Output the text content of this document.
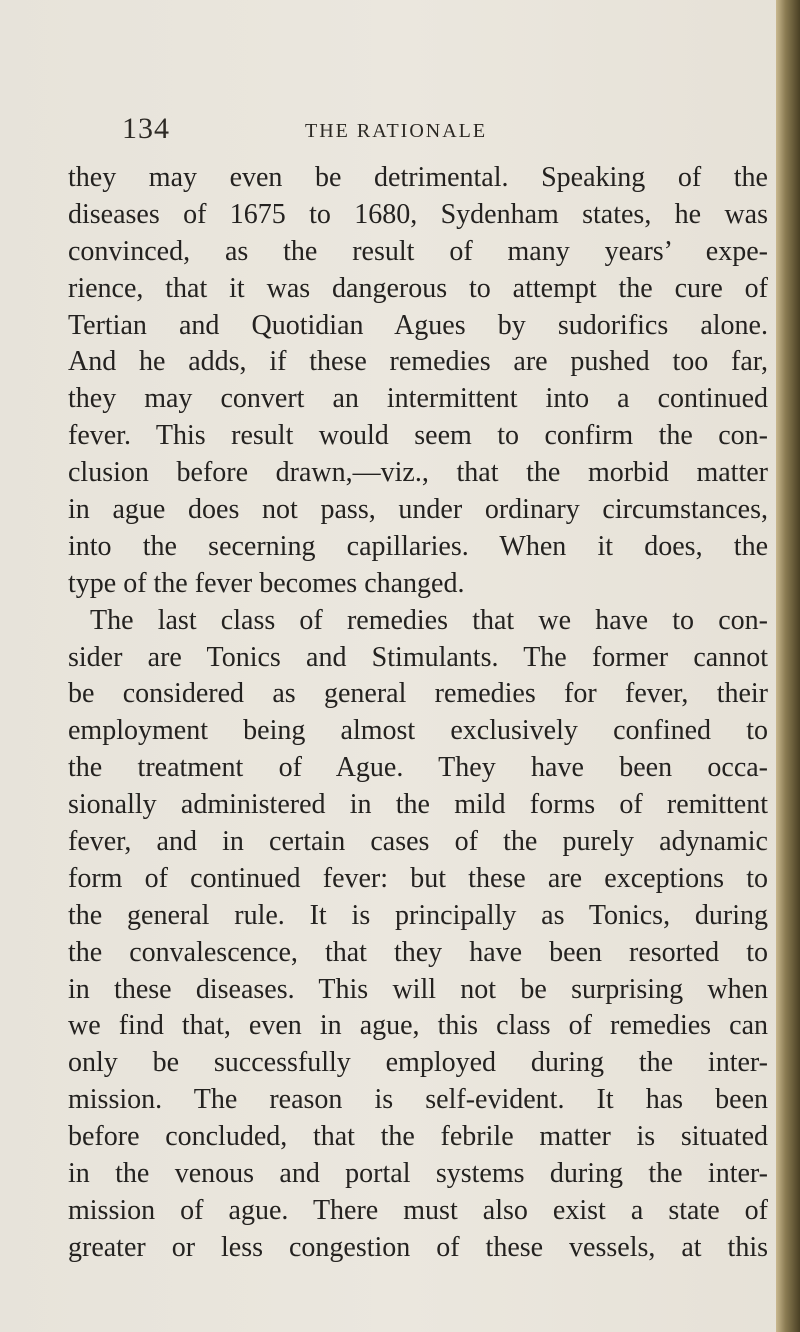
134	THE RATIONALE

they may even be detrimental. Speaking of the

diseases of 1675 to 1680, Sydenham states, he was

convinced, as the result of many years’ expe-

rience, that it was dangerous to attempt the cure of

Tertian and Quotidian Agues by sudorifics alone.

And he adds, if these remedies are pushed too far,

they may convert an intermittent into a continued

fever. This result would seem to confirm the con-

clusion before drawn,—viz., that the morbid matter

in ague does not pass, under ordinary circumstances,

into the secerning capillaries. When it does, the

type of the fever becomes changed.

The last class of remedies that we have to con-

sider are Tonics and Stimulants. The former cannot

be considered as general remedies for fever, their

employment being almost exclusively confined to

the treatment of Ague. They have been occa-

sionally administered in the mild forms of remittent

fever, and in certain cases of the purely adynamic

form of continued fever: but these are exceptions to

the general rule. It is principally as Tonics, during

the convalescence, that they have been resorted to

in these diseases. This will not be surprising when

we find that, even in ague, this class of remedies can

only be successfully employed during the inter-

mission. The reason is self-evident. It has been

before concluded, that the febrile matter is situated

in the venous and portal systems during the inter-

mission of ague. There must also exist a state of

greater or less congestion of these vessels, at this
